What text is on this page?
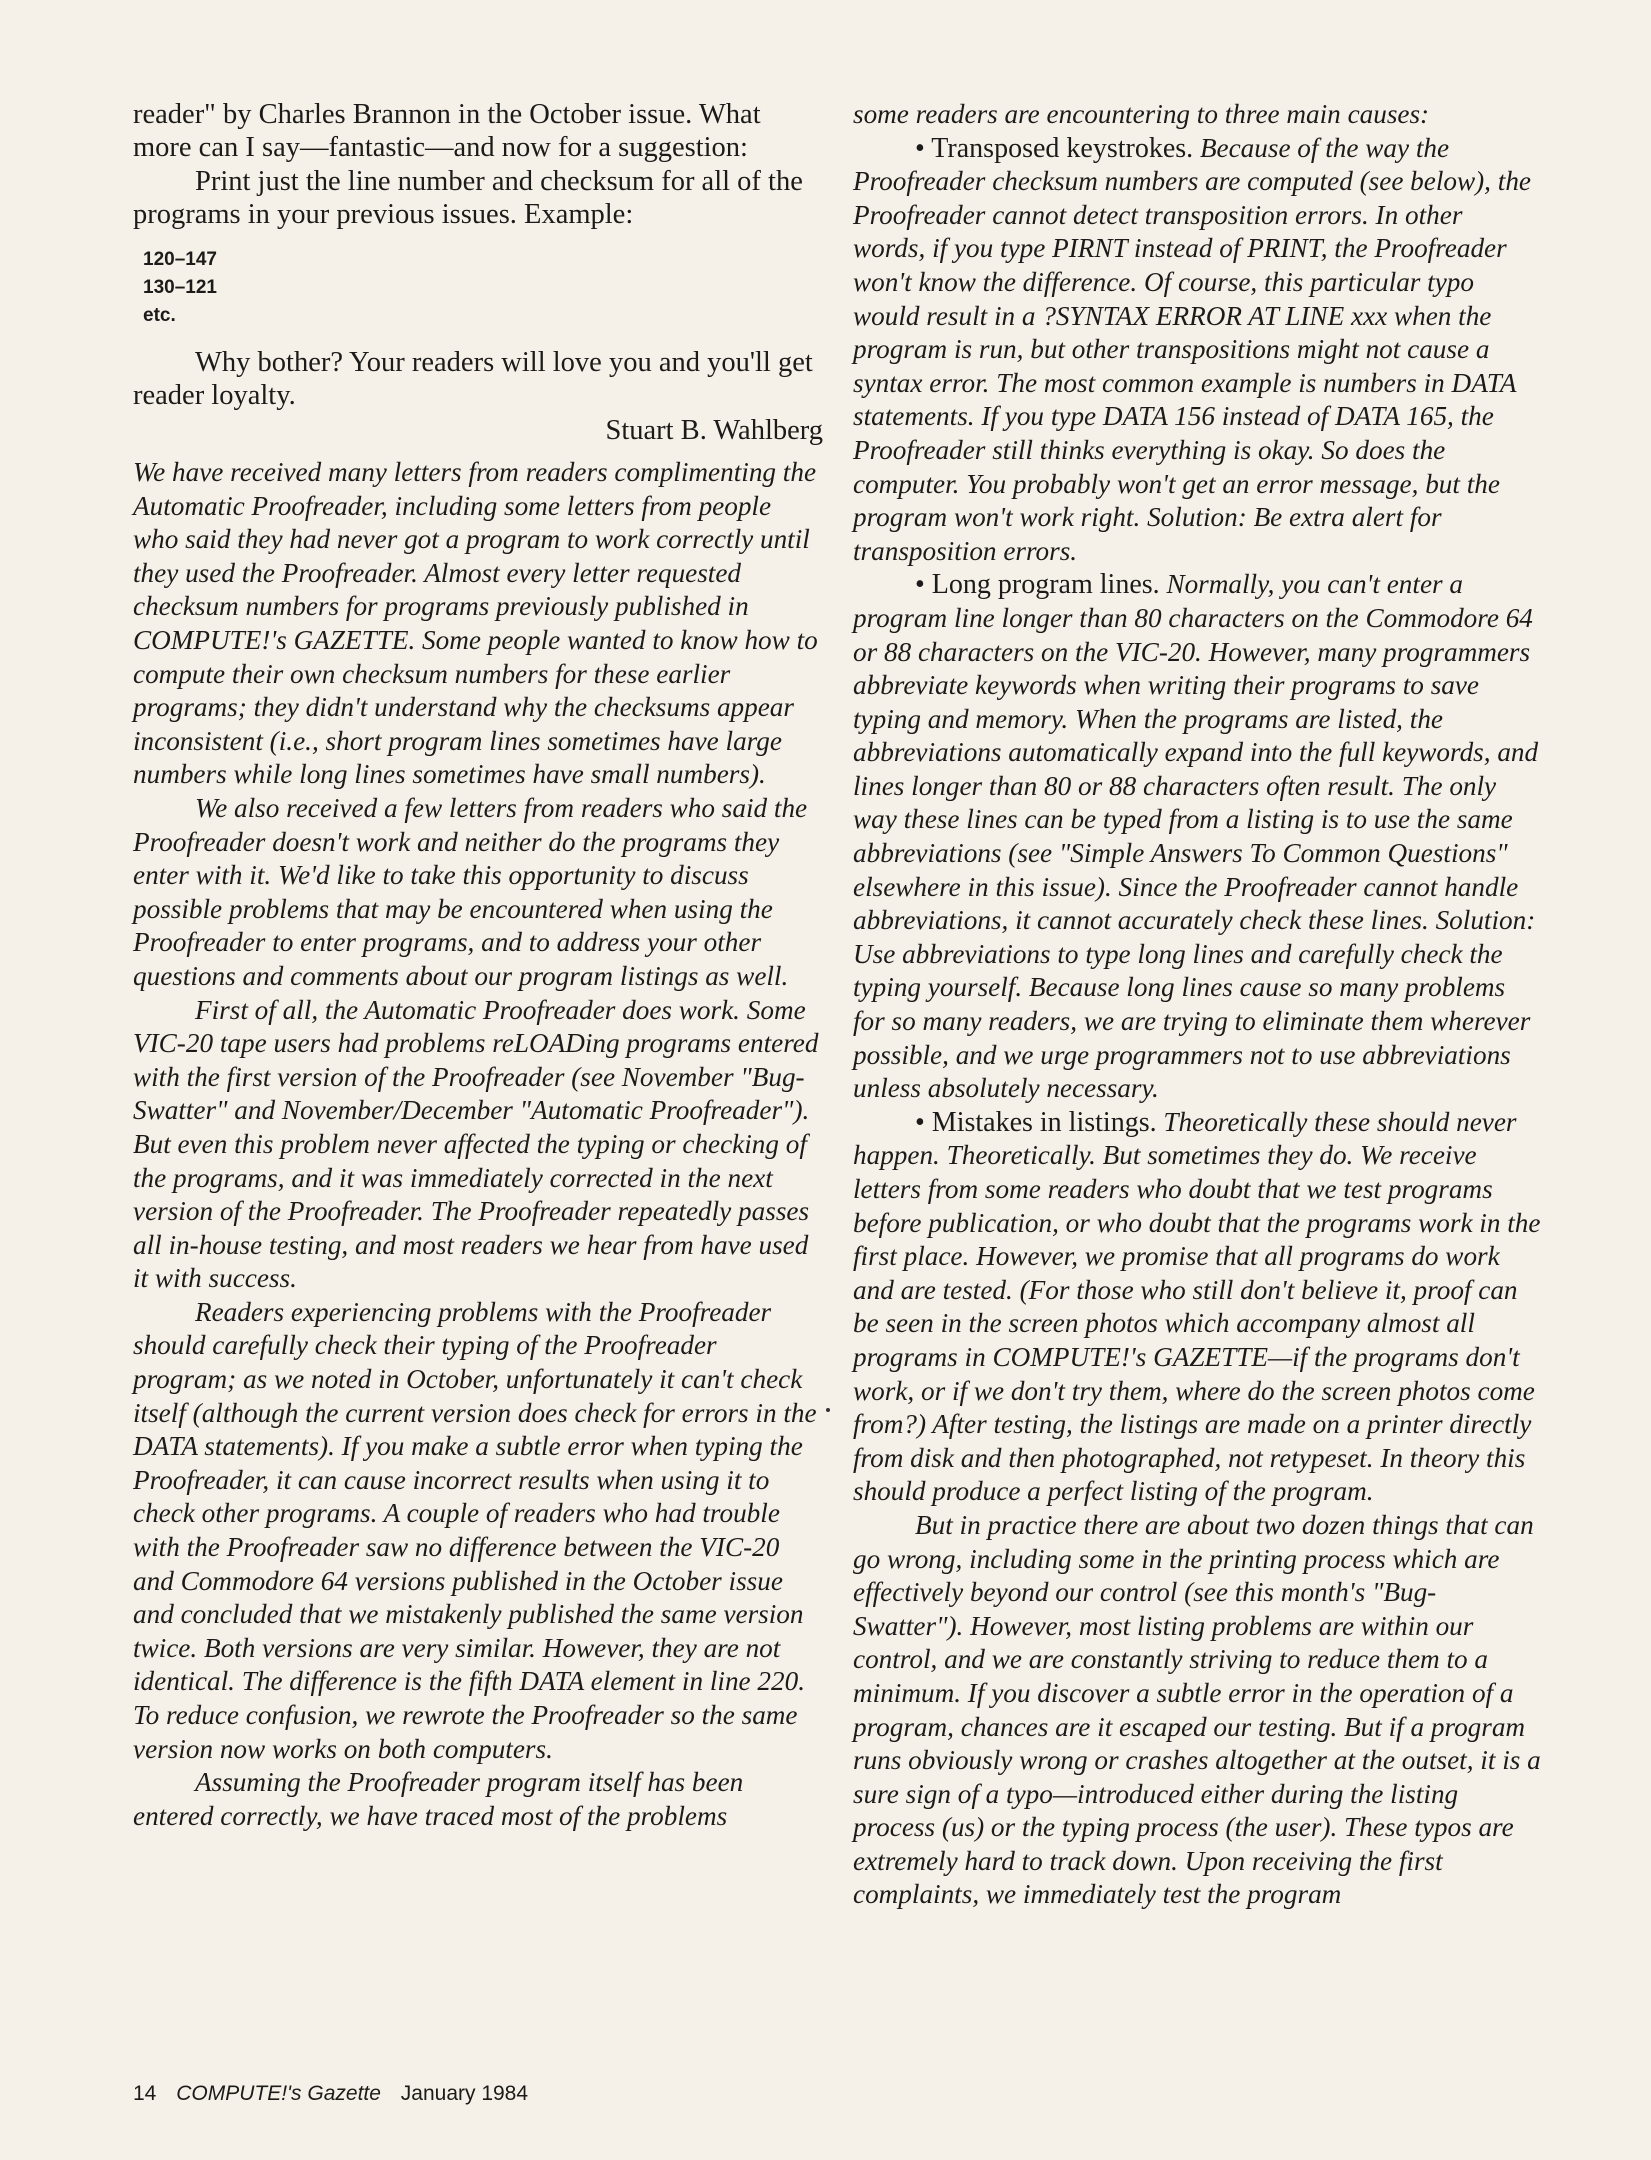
reader" by Charles Brannon in the October issue. What more can I say—fantastic—and now for a suggestion:

Print just the line number and checksum for all of the programs in your previous issues. Example:

120–147
130–121
etc.

Why bother? Your readers will love you and you'll get reader loyalty.

Stuart B. Wahlberg

We have received many letters from readers complimenting the Automatic Proofreader, including some letters from people who said they had never got a program to work correctly until they used the Proofreader. Almost every letter requested checksum numbers for programs previously published in COMPUTE!'s GAZETTE. Some people wanted to know how to compute their own checksum numbers for these earlier programs; they didn't understand why the checksums appear inconsistent (i.e., short program lines sometimes have large numbers while long lines sometimes have small numbers).

We also received a few letters from readers who said the Proofreader doesn't work and neither do the programs they enter with it. We'd like to take this opportunity to discuss possible problems that may be encountered when using the Proofreader to enter programs, and to address your other questions and comments about our program listings as well.

First of all, the Automatic Proofreader does work. Some VIC-20 tape users had problems reLOADing programs entered with the first version of the Proofreader (see November "Bug-Swatter" and November/December "Automatic Proofreader"). But even this problem never affected the typing or checking of the programs, and it was immediately corrected in the next version of the Proofreader. The Proofreader repeatedly passes all in-house testing, and most readers we hear from have used it with success.

Readers experiencing problems with the Proofreader should carefully check their typing of the Proofreader program; as we noted in October, unfortunately it can't check itself (although the current version does check for errors in the DATA statements). If you make a subtle error when typing the Proofreader, it can cause incorrect results when using it to check other programs. A couple of readers who had trouble with the Proofreader saw no difference between the VIC-20 and Commodore 64 versions published in the October issue and concluded that we mistakenly published the same version twice. Both versions are very similar. However, they are not identical. The difference is the fifth DATA element in line 220. To reduce confusion, we rewrote the Proofreader so the same version now works on both computers.

Assuming the Proofreader program itself has been entered correctly, we have traced most of the problems

some readers are encountering to three main causes:

• Transposed keystrokes. Because of the way the Proofreader checksum numbers are computed (see below), the Proofreader cannot detect transposition errors. In other words, if you type PIRNT instead of PRINT, the Proofreader won't know the difference. Of course, this particular typo would result in a ?SYNTAX ERROR AT LINE xxx when the program is run, but other transpositions might not cause a syntax error. The most common example is numbers in DATA statements. If you type DATA 156 instead of DATA 165, the Proofreader still thinks everything is okay. So does the computer. You probably won't get an error message, but the program won't work right. Solution: Be extra alert for transposition errors.

• Long program lines. Normally, you can't enter a program line longer than 80 characters on the Commodore 64 or 88 characters on the VIC-20. However, many programmers abbreviate keywords when writing their programs to save typing and memory. When the programs are listed, the abbreviations automatically expand into the full keywords, and lines longer than 80 or 88 characters often result. The only way these lines can be typed from a listing is to use the same abbreviations (see "Simple Answers To Common Questions" elsewhere in this issue). Since the Proofreader cannot handle abbreviations, it cannot accurately check these lines. Solution: Use abbreviations to type long lines and carefully check the typing yourself. Because long lines cause so many problems for so many readers, we are trying to eliminate them wherever possible, and we urge programmers not to use abbreviations unless absolutely necessary.

• Mistakes in listings. Theoretically these should never happen. Theoretically. But sometimes they do. We receive letters from some readers who doubt that we test programs before publication, or who doubt that the programs work in the first place. However, we promise that all programs do work and are tested. (For those who still don't believe it, proof can be seen in the screen photos which accompany almost all programs in COMPUTE!'s GAZETTE—if the programs don't work, or if we don't try them, where do the screen photos come from?) After testing, the listings are made on a printer directly from disk and then photographed, not retypeset. In theory this should produce a perfect listing of the program.

But in practice there are about two dozen things that can go wrong, including some in the printing process which are effectively beyond our control (see this month's "Bug-Swatter"). However, most listing problems are within our control, and we are constantly striving to reduce them to a minimum. If you discover a subtle error in the operation of a program, chances are it escaped our testing. But if a program runs obviously wrong or crashes altogether at the outset, it is a sure sign of a typo—introduced either during the listing process (us) or the typing process (the user). These typos are extremely hard to track down. Upon receiving the first complaints, we immediately test the program

14 COMPUTE!'s Gazette January 1984
